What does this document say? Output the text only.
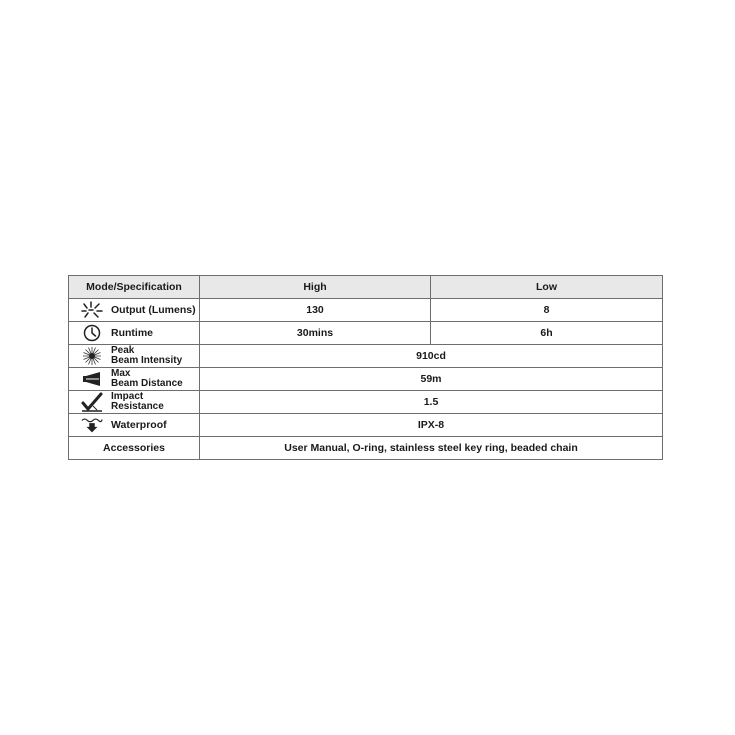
Mode/Specification	High	Low

Output (Lumens)	130	8

Runtime	30mins	6h

Peak
Beam Intensity	910cd	

Max
Beam Distance	59m	

Impact
Resistance	1.5	

Waterproof	IPX-8	
Accessories	User Manual, O-ring, stainless steel key ring, beaded chain	
